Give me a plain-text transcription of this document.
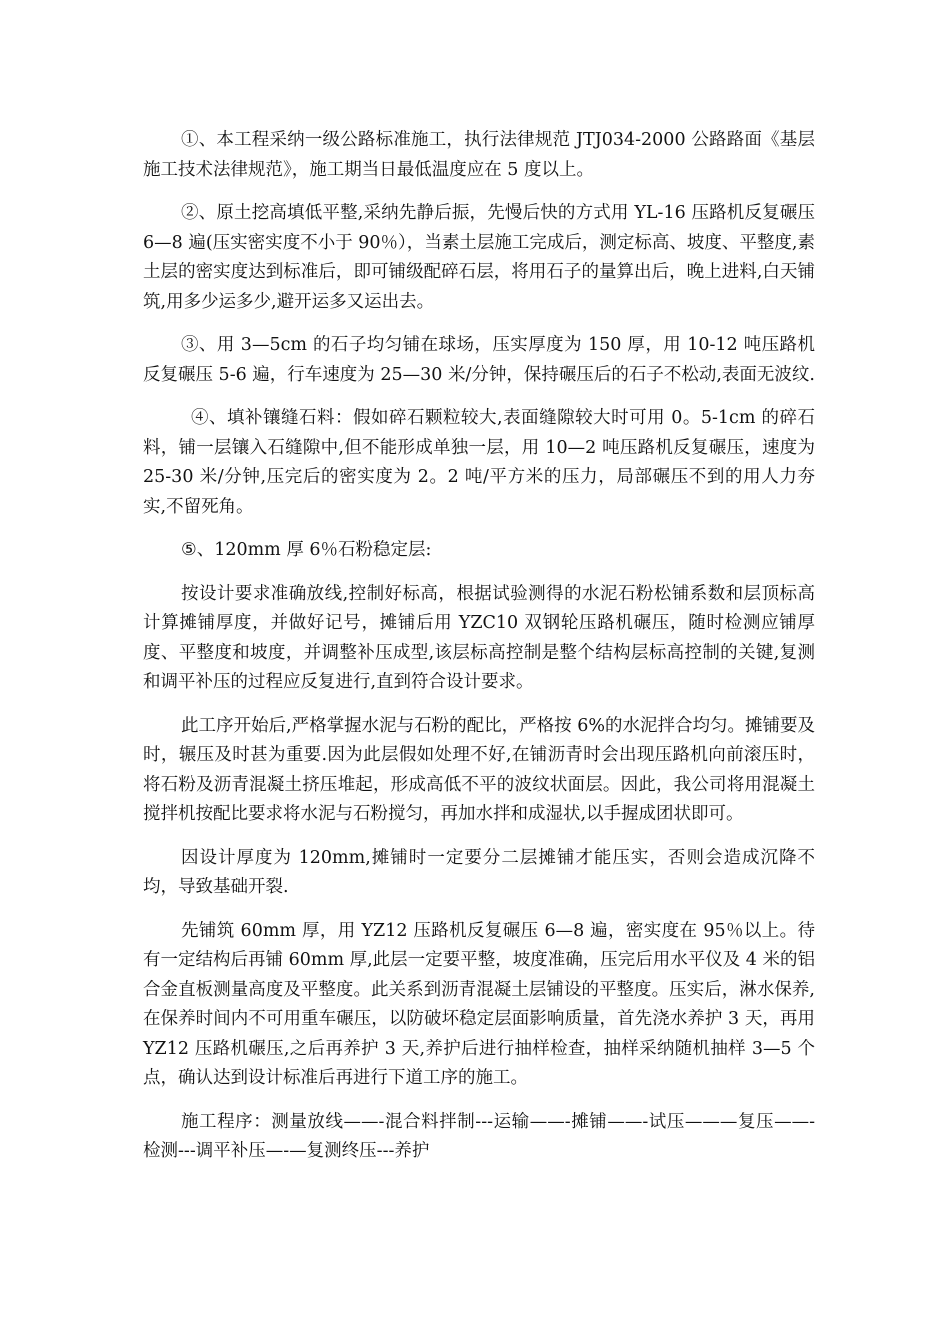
①、本工程采纳一级公路标准施工，执行法律规范 JTJ034-2000 公路路面《基层施工技术法律规范》，施工期当日最低温度应在 5 度以上。

②、原土挖高填低平整,采纳先静后振，先慢后快的方式用 YL-16 压路机反复碾压 6—8 遍(压实密实度不小于 90％），当素土层施工完成后，测定标高、坡度、平整度,素土层的密实度达到标准后，即可铺级配碎石层，将用石子的量算出后，晚上进料,白天铺筑,用多少运多少,避开运多又运出去。

③、用 3—5cm 的石子均匀铺在球场，压实厚度为 150 厚，用 10-12 吨压路机反复碾压 5-6 遍，行车速度为 25—30 米/分钟，保持碾压后的石子不松动,表面无波纹.

④、填补镶缝石料：假如碎石颗粒较大,表面缝隙较大时可用 0。5-1cm 的碎石料，铺一层镶入石缝隙中,但不能形成单独一层，用 10—2 吨压路机反复碾压，速度为 25-30 米/分钟,压完后的密实度为 2。2 吨/平方米的压力，局部碾压不到的用人力夯实,不留死角。

⑤、120mm 厚 6％石粉稳定层:

按设计要求准确放线,控制好标高，根据试验测得的水泥石粉松铺系数和层顶标高计算摊铺厚度，并做好记号，摊铺后用 YZC10 双钢轮压路机碾压，随时检测应铺厚度、平整度和坡度，并调整补压成型,该层标高控制是整个结构层标高控制的关键,复测和调平补压的过程应反复进行,直到符合设计要求。

此工序开始后,严格掌握水泥与石粉的配比，严格按 6%的水泥拌合均匀。摊铺要及时，辗压及时甚为重要.因为此层假如处理不好,在铺沥青时会出现压路机向前滚压时，将石粉及沥青混凝土挤压堆起，形成高低不平的波纹状面层。因此，我公司将用混凝土搅拌机按配比要求将水泥与石粉搅匀，再加水拌和成湿状,以手握成团状即可。

因设计厚度为 120mm,摊铺时一定要分二层摊铺才能压实，否则会造成沉降不均，导致基础开裂.

先铺筑 60mm 厚，用 YZ12 压路机反复碾压 6—8 遍，密实度在 95％以上。待有一定结构后再铺 60mm 厚,此层一定要平整，坡度准确，压完后用水平仪及 4 米的铝合金直板测量高度及平整度。此关系到沥青混凝土层铺设的平整度。压实后，淋水保养,在保养时间内不可用重车碾压，以防破坏稳定层面影响质量，首先浇水养护 3 天，再用 YZ12 压路机碾压,之后再养护 3 天,养护后进行抽样检查，抽样采纳随机抽样 3—5 个点，确认达到设计标准后再进行下道工序的施工。

施工程序：测量放线——-混合料拌制---运输——-摊铺——-试压———复压——-检测---调平补压—-—复测终压---养护
